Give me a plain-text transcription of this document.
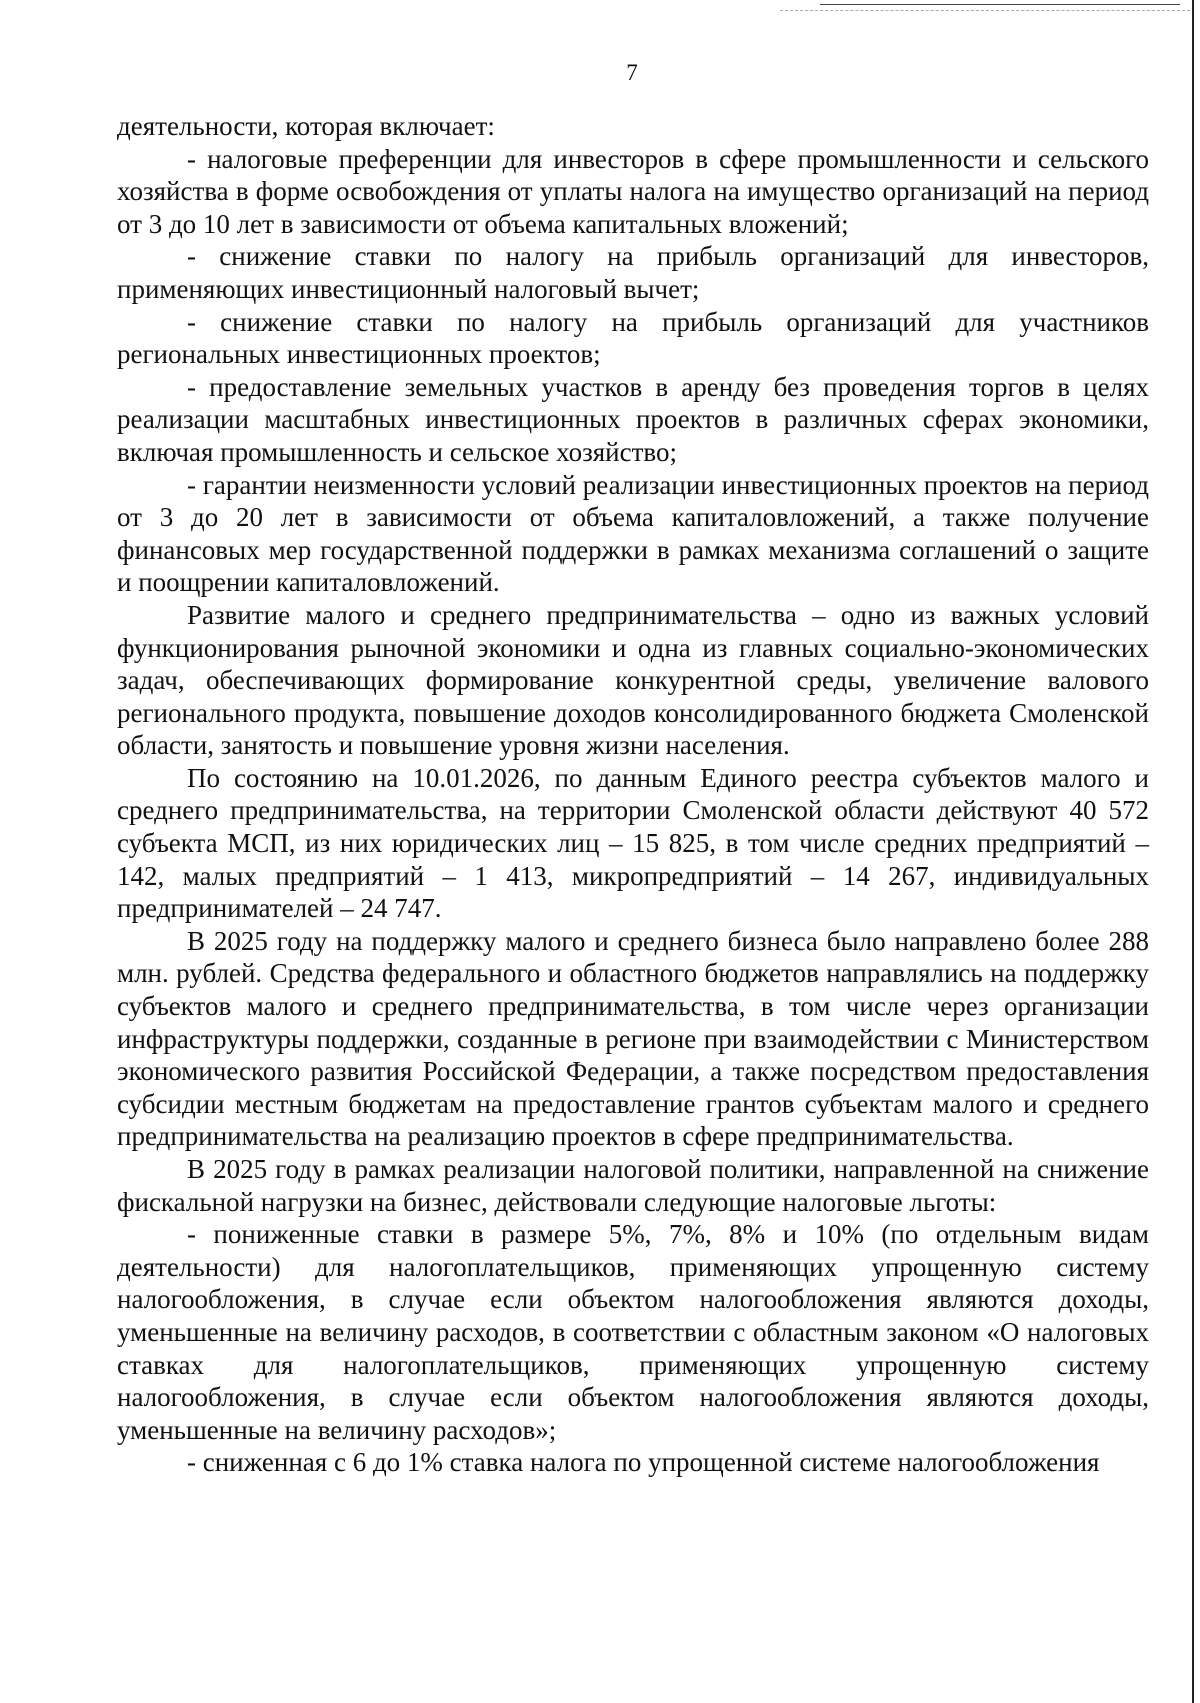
7

деятельности, которая включает:

- налоговые преференции для инвесторов в сфере промышленности и сельского хозяйства в форме освобождения от уплаты налога на имущество организаций на период от 3 до 10 лет в зависимости от объема капитальных вложений;

- снижение ставки по налогу на прибыль организаций для инвесторов, применяющих инвестиционный налоговый вычет;

- снижение ставки по налогу на прибыль организаций для участников региональных инвестиционных проектов;

- предоставление земельных участков в аренду без проведения торгов в целях реализации масштабных инвестиционных проектов в различных сферах экономики, включая промышленность и сельское хозяйство;

- гарантии неизменности условий реализации инвестиционных проектов на период от 3 до 20 лет в зависимости от объема капиталовложений, а также получение финансовых мер государственной поддержки в рамках механизма соглашений о защите и поощрении капиталовложений.

Развитие малого и среднего предпринимательства – одно из важных условий функционирования рыночной экономики и одна из главных социально-экономических задач, обеспечивающих формирование конкурентной среды, увеличение валового регионального продукта, повышение доходов консолидированного бюджета Смоленской области, занятость и повышение уровня жизни населения.

По состоянию на 10.01.2026, по данным Единого реестра субъектов малого и среднего предпринимательства, на территории Смоленской области действуют 40 572 субъекта МСП, из них юридических лиц – 15 825, в том числе средних предприятий – 142, малых предприятий – 1 413, микропредприятий – 14 267, индивидуальных предпринимателей – 24 747.

В 2025 году на поддержку малого и среднего бизнеса было направлено более 288 млн. рублей. Средства федерального и областного бюджетов направлялись на поддержку субъектов малого и среднего предпринимательства, в том числе через организации инфраструктуры поддержки, созданные в регионе при взаимодействии с Министерством экономического развития Российской Федерации, а также посредством предоставления субсидии местным бюджетам на предоставление грантов субъектам малого и среднего предпринимательства на реализацию проектов в сфере предпринимательства.

В 2025 году в рамках реализации налоговой политики, направленной на снижение фискальной нагрузки на бизнес, действовали следующие налоговые льготы:

- пониженные ставки в размере 5%, 7%, 8% и 10% (по отдельным видам деятельности) для налогоплательщиков, применяющих упрощенную систему налогообложения, в случае если объектом налогообложения являются доходы, уменьшенные на величину расходов, в соответствии с областным законом «О налоговых ставках для налогоплательщиков, применяющих упрощенную систему налогообложения, в случае если объектом налогообложения являются доходы, уменьшенные на величину расходов»;

- сниженная с 6 до 1% ставка налога по упрощенной системе налогообложения
